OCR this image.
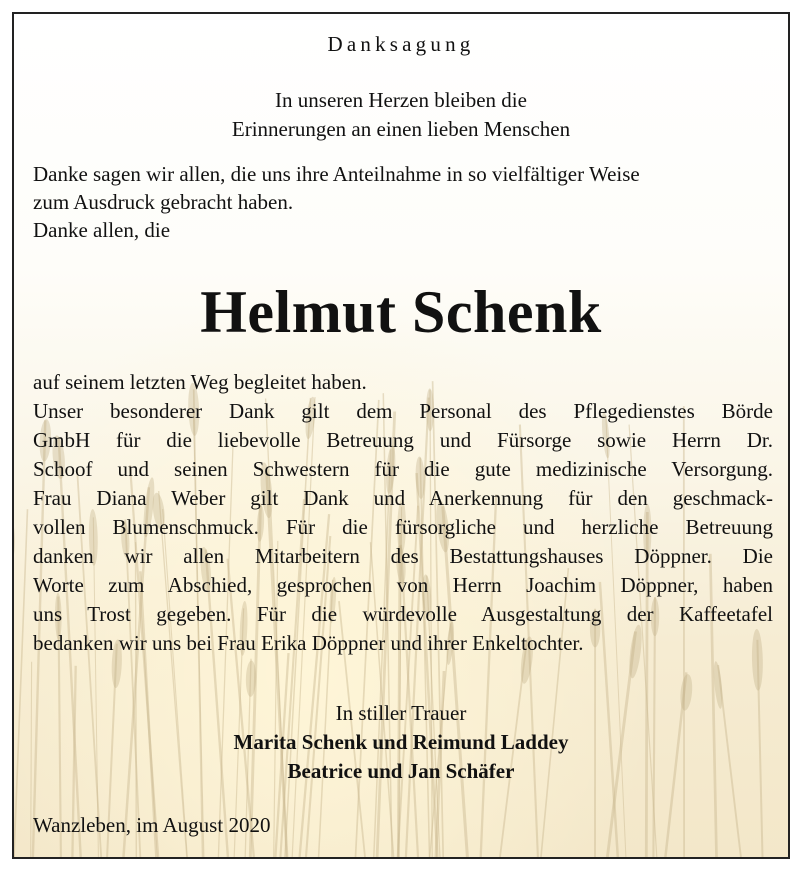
Danksagung
In unseren Herzen bleiben die
Erinnerungen an einen lieben Menschen
Danke sagen wir allen, die uns ihre Anteilnahme in so vielfältiger Weise
zum Ausdruck gebracht haben.
Danke allen, die
Helmut Schenk
auf seinem letzten Weg begleitet haben.
Unser besonderer Dank gilt dem Personal des Pflegedienstes Börde
GmbH für die liebevolle Betreuung und Fürsorge sowie Herrn Dr.
Schoof und seinen Schwestern für die gute medizinische Versorgung.
Frau Diana Weber gilt Dank und Anerkennung für den geschmack-
vollen Blumenschmuck. Für die fürsorgliche und herzliche Betreuung
danken wir allen Mitarbeitern des Bestattungshauses Döppner. Die
Worte zum Abschied, gesprochen von Herrn Joachim Döppner, haben
uns Trost gegeben. Für die würdevolle Ausgestaltung der Kaffeetafel
bedanken wir uns bei Frau Erika Döppner und ihrer Enkeltochter.
In stiller Trauer
Marita Schenk und Reimund Laddey
Beatrice und Jan Schäfer
Wanzleben, im August 2020
